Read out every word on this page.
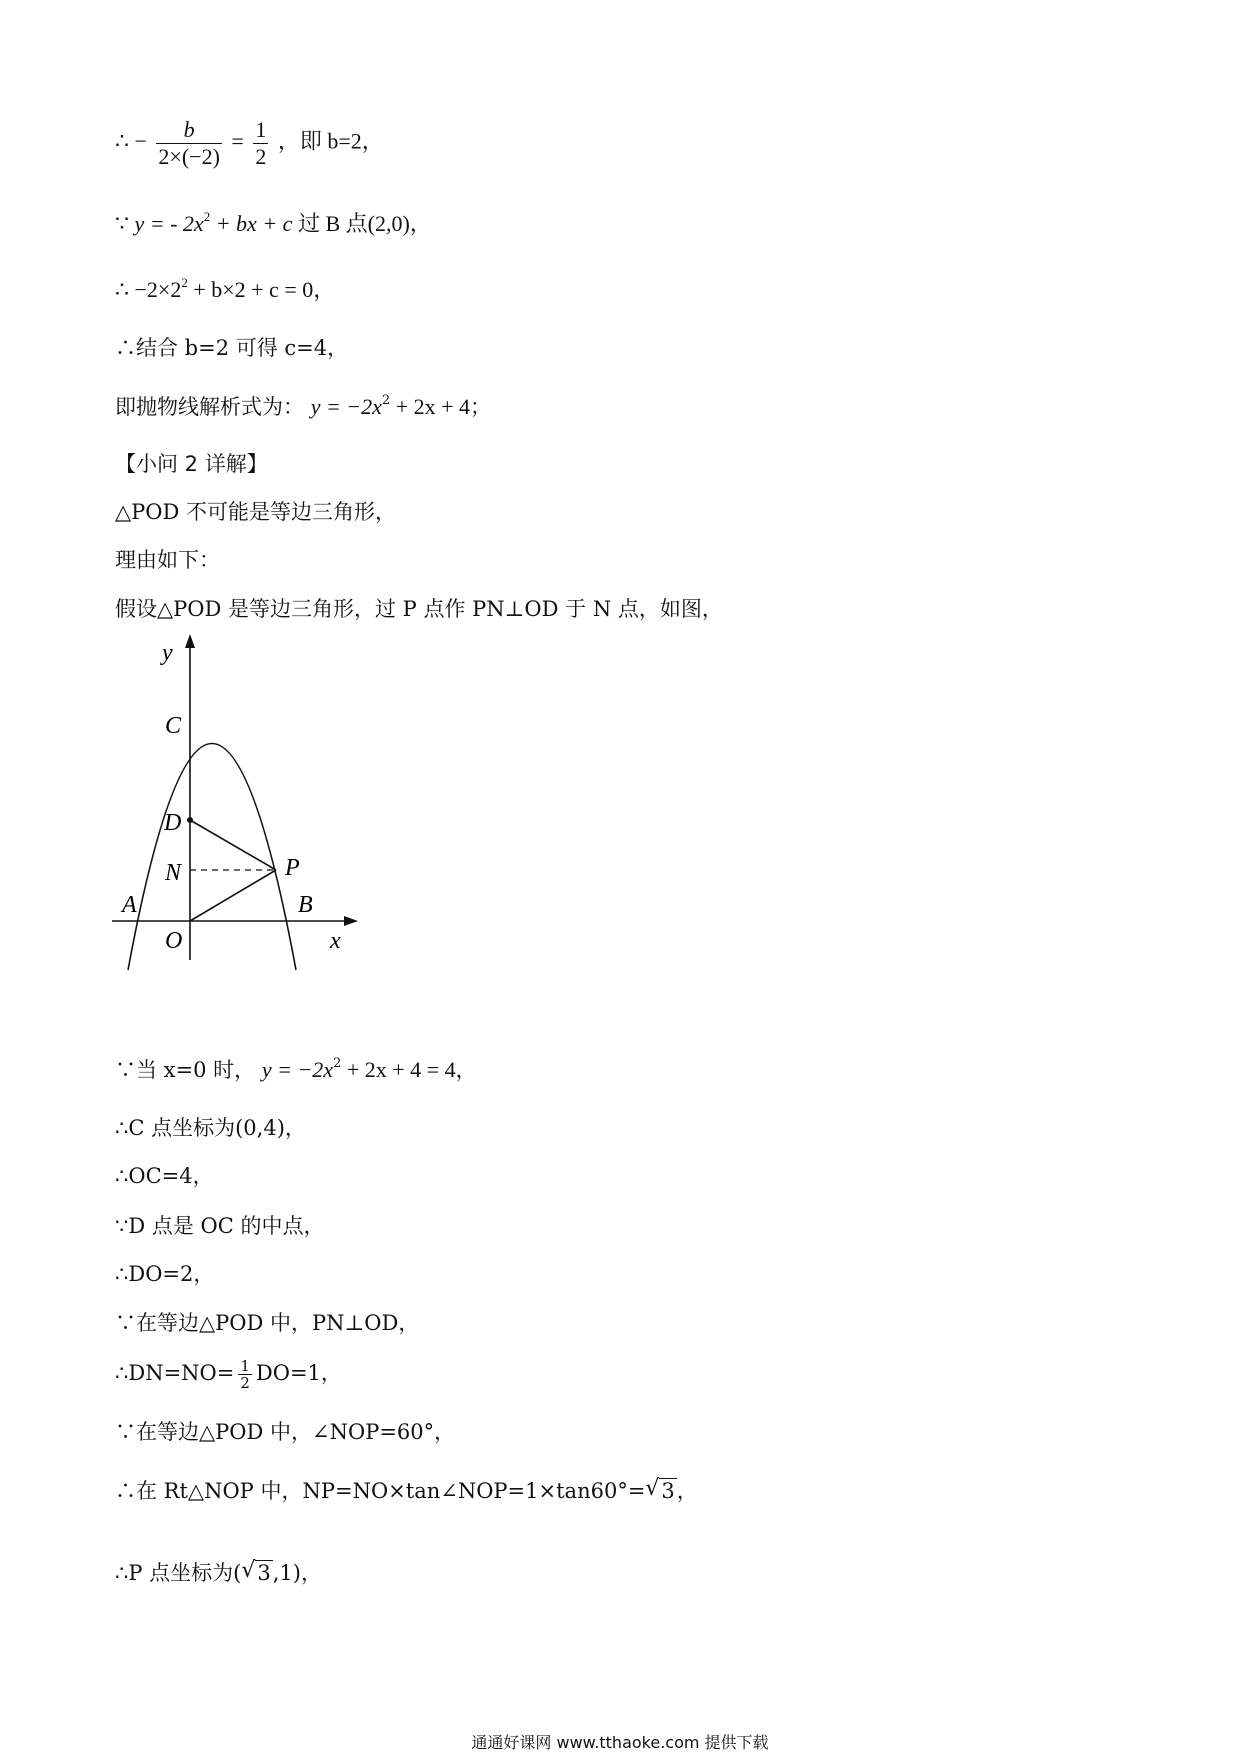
∴ − $\frac{b}{2\times(-2)} = \frac{1}{2}$ ，即 b=2，
∵ y = - $2x^2$ + bx + c 过 B 点(2,0)，
∴ $-2\times 2^2 + b\times 2 + c = 0$，
∴结合 b=2 可得 c=4，
即抛物线解析式为： $y = -2x^2 + 2x + 4$；
【小问 2 详解】
△POD 不可能是等边三角形，
理由如下：
假设△POD 是等边三角形，过 P 点作 PN⊥OD 于 N 点，如图，
y
x
C
D
N	P
A	B
O
∵当 x=0 时， $y = -2x^2 + 2x + 4 = 4$，
∴C 点坐标为(0,4)，
∴OC=4，
∵D 点是 OC 的中点，
∴DO=2，
∵在等边△POD 中，PN⊥OD，
∴DN=NO= $\frac{1}{2} DO=1$，
∵在等边△POD 中，∠NOP=60°，
∴在 Rt△NOP 中，NP=NO×tan∠NOP=1×tan60°= √ 3，
∴P 点坐标为( √ 3,1)，
通通好课网 www.tthaoke.com 提供下载
